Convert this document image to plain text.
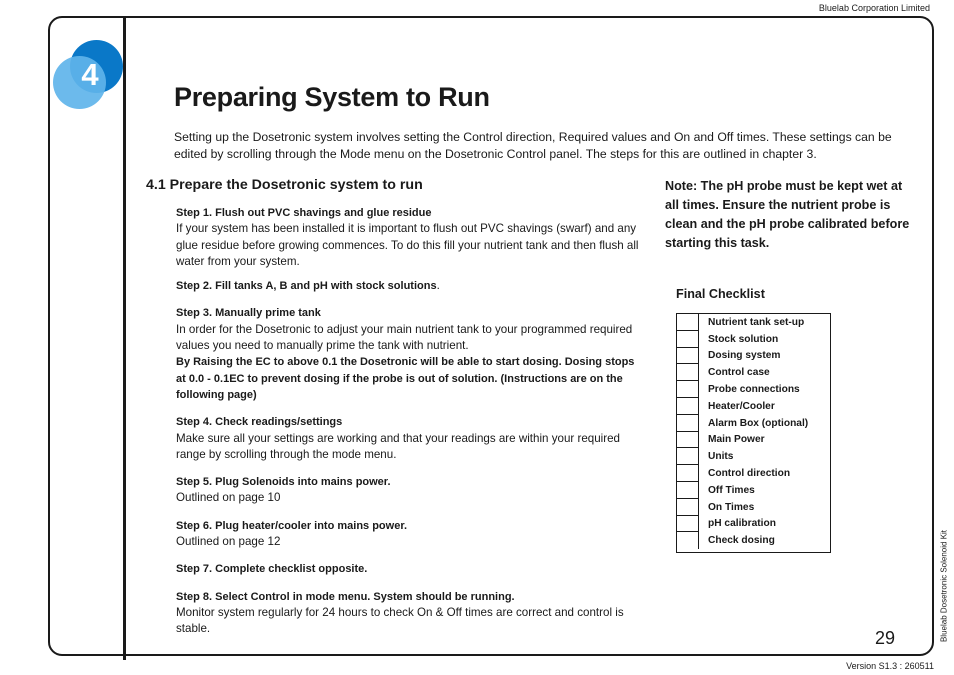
Bluelab Corporation Limited
4
Preparing System to Run

Setting up the Dosetronic system involves setting the Control direction, Required values and On and Off times. These settings can be edited by scrolling through the Mode menu on the Dosetronic Control panel. The steps for this are outlined in chapter 3.

4.1 Prepare the Dosetronic system to run

Step 1. Flush out PVC shavings and glue residue
If your system has been installed it is important to flush out PVC shavings (swarf) and any glue residue before growing commences. To do this fill your nutrient tank and then flush all water from your system.

Step 2. Fill tanks A, B and pH with stock solutions.

Step 3. Manually prime tank
In order for the Dosetronic to adjust your main nutrient tank to your programmed required values you need to manually prime the tank with nutrient.
By Raising the EC to above 0.1 the Dosetronic will be able to start dosing. Dosing stops at 0.0 - 0.1EC to prevent dosing if the probe is out of solution. (Instructions are on the following page)

Step 4. Check readings/settings
Make sure all your settings are working and that your readings are within your required range by scrolling through the mode menu.

Step 5. Plug Solenoids into mains power.
Outlined on page 10

Step 6. Plug heater/cooler into mains power.
Outlined on page 12

Step 7. Complete checklist opposite.

Step 8. Select Control in mode menu. System should be running.
Monitor system regularly for 24 hours to check On & Off times are correct and control is stable.

Note: The pH probe must be kept wet at all times. Ensure the nutrient probe is clean and the pH probe calibrated before starting this task.

Final Checklist
Nutrient tank set-up
Stock solution
Dosing system
Control case
Probe connections
Heater/Cooler
Alarm Box (optional)
Main Power
Units
Control direction
Off Times
On Times
pH calibration
Check dosing

29

Version S1.3 : 260511
Bluelab Dosetronic Solenoid Kit
